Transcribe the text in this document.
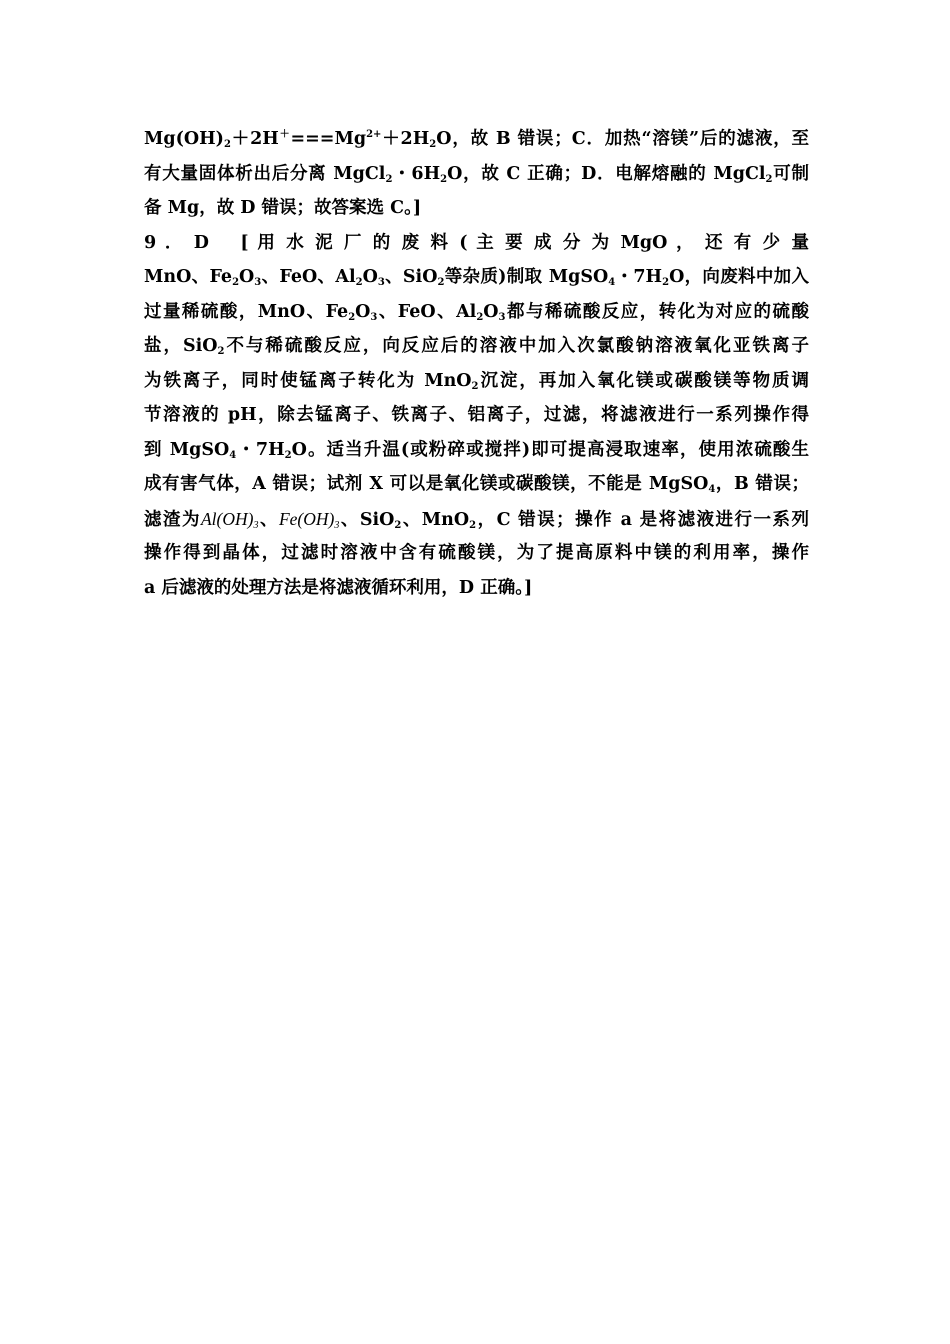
$Mg(OH)_2+2H^+===Mg^{2+}+2H_2O$，故 B 错误；C．加热“溶镁”后的滤液，至
有大量固体析出后分离 MgCl$_2$・$6H_2O$，故 C 正确；D．电解熔融的 MgCl$_2$可制
备 Mg，故 D 错误；故答案选 C。]
9 ． D　 [ 用 水 泥 厂 的 废 料 ( 主 要 成 分 为 MgO ， 还 有 少 量
MnO、$Fe_2O_3$、FeO、$Al_2O_3$、SiO$_2$等杂质)制取 MgSO$_4$・$7H_2O$，向废料中加入
过量稀硫酸，MnO、$Fe_2O_3$、FeO、$Al_2O_3$都与稀硫酸反应，转化为对应的硫酸
盐，SiO$_2$不与稀硫酸反应，向反应后的溶液中加入次氯酸钠溶液氧化亚铁离子
为铁离子，同时使锰离子转化为 MnO$_2$沉淀，再加入氧化镁或碳酸镁等物质调
节溶液的 pH，除去锰离子、铁离子、铝离子，过滤，将滤液进行一系列操作得
到 MgSO$_4$・$7H_2O$。适当升温(或粉碎或搅拌)即可提高浸取速率，使用浓硫酸生
成有害气体，A 错误；试剂 X 可以是氧化镁或碳酸镁，不能是 MgSO$_4$，B 错误；
滤渣为$Al(OH)_3$、$Fe(OH)_3$、SiO$_2$、MnO$_2$，C 错误；操作 a 是将滤液进行一系列
操作得到晶体，过滤时溶液中含有硫酸镁，为了提高原料中镁的利用率，操作
a 后滤液的处理方法是将滤液循环利用，D 正确。]
